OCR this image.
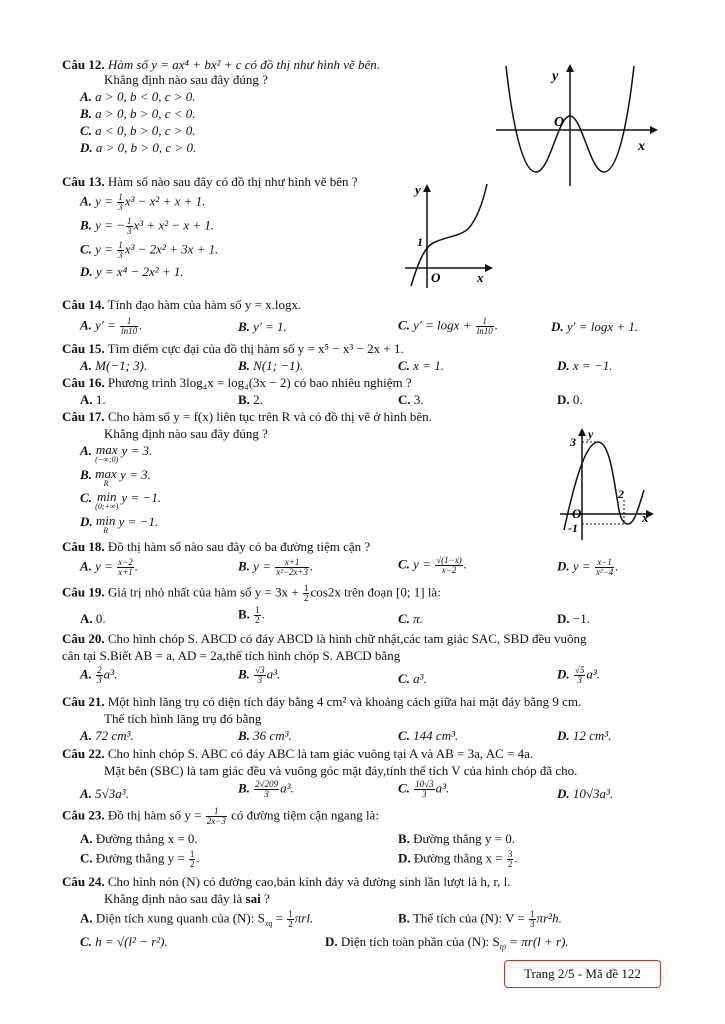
Câu 12. Hàm số y = ax⁴ + bx² + c có đồ thị như hình vẽ bên.
Khẳng định nào sau đây đúng ?
A. a > 0, b < 0, c > 0.
B. a > 0, b > 0, c < 0.
C. a < 0, b > 0, c > 0.
D. a > 0, b > 0, c > 0.
y
x
O
Câu 13. Hàm số nào sau đây có đồ thị như hình vẽ bên ?
A. $y = \frac{1}{3} x^3 - x^2 + x + 1$.
B. y = − $\frac{1}{3} x^3 + x^2 - x + 1$.
C. $y = \frac{1}{3} x^3 - 2x^2 + 3x + 1$.
D. y = x⁴ − 2x² + 1.
y
x
O
1
Câu 14. Tính đạo hàm của hàm số y = x.logx.
A. $y' = \frac{1}{\ln 10}$ .	B. y′ = 1.	C. $y' = \log x + \frac{1}{\ln 10}$ .	D. y′ = logx + 1.
Câu 15. Tìm điểm cực đại của đồ thị hàm số y = x⁵ − x³ − 2x + 1.
A. M(−1; 3).	B. N(1; −1).	C. x = 1.	D. x = −1.
Câu 16. Phương trình 3log₄x = log₄(3x − 2) có bao nhiêu nghiệm ?
A. 1.	B. 2.	C. 3.	D. 0.
Câu 17. Cho hàm số y = f(x) liên tục trên R và có đồ thị vẽ ở hình bên.
Khẳng định nào sau đây đúng ?
A. max
(−∞;0)
y = 3.
B. max
R
y = 3.
C. min
(0;+∞)
y = −1.
D. min
R
y = −1.
3
y
2
x
O
-1
Câu 18. Đồ thị hàm số nào sau đây có ba đường tiệm cận ?
A. $y = \frac{x-2}{x+1}$ .	B. $y = \frac{x+1}{\text{x²−2x+3}}$ .	C. $y = \frac{√(1-x)}{x-2}$ .	D. $y = \frac{x-1}{\text{x²−4}}$ .
Câu 19. Giá trị nhỏ nhất của hàm số $y = 3x + \frac{1}{2} \cos 2x$ trên đoạn [0; 1] là:
A. 0.	B. $\frac{1}{2}$ .	C. π.	D. −1.
Câu 20. Cho hình chóp S. ABCD có đáy ABCD là hình chữ nhật,các tam giác SAC, SBD đều vuông
cân tại S.Biết AB = a, AD = 2a,thể tích hình chóp S. ABCD bằng
A. $\frac{2}{3} a^3$.	B. $\frac{√3}{3} a^3$.	C. a³.	D. $\frac{√5}{3} a^3$.
Câu 21. Một hình lăng trụ có diện tích đáy bằng 4 cm² và khoảng cách giữa hai mặt đáy bằng 9 cm.
Thể tích hình lăng trụ đó bằng
A. 72 cm³.	B. 36 cm³.	C. 144 cm³.	D. 12 cm³.
Câu 22. Cho hình chóp S. ABC có đáy ABC là tam giác vuông tại A và AB = 3a, AC = 4a.
Mặt bên (SBC) là tam giác đều và vuông góc mặt đáy,tính thể tích V của hình chóp đã cho.
A. 5√3a³.	B. $\frac{2√209}{3} a^3$.	C. $\frac{10√3}{3} a^3$.	D. 10√3a³.
Câu 23. Đồ thị hàm số $y = \frac{1}{2x-3}$ có đường tiệm cận ngang là:
A. Đường thẳng x = 0.	B. Đường thẳng y = 0.
C. Đường thẳng $y = \frac{1}{2}$ .	D. Đường thẳng $x = \frac{3}{2}$ .
Câu 24. Cho hình nón (N) có đường cao,bán kính đáy và đường sinh lần lượt là h, r, l.
Khẳng định nào sau đây là sai ?
A. Diện tích xung quanh của (N): $S_{xq} = \frac{1}{2} \pi rl$.	B. Thể tích của (N): $V = \frac{1}{3} \pi r^2h$.
C. h = √(l² − r²).	D. Diện tích toàn phần của (N): $S_{tp} = \pi r(l + r)$.
Trang 2/5 - Mã đề 122
